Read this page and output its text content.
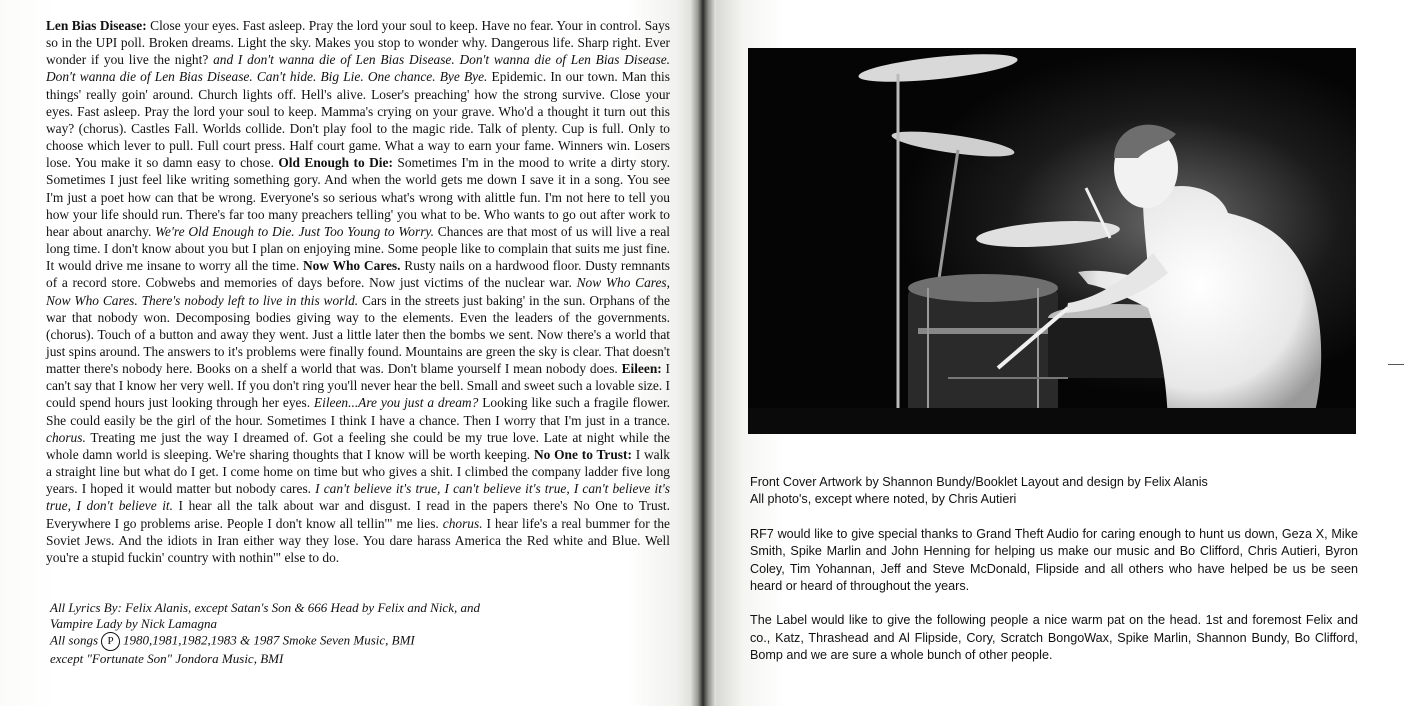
Len Bias Disease: Close your eyes. Fast asleep. Pray the lord your soul to keep. Have no fear. Your in control. Says so in the UPI poll. Broken dreams. Light the sky. Makes you stop to wonder why. Dangerous life. Sharp right. Ever wonder if you live the night? and I don't wanna die of Len Bias Disease. Don't wanna die of Len Bias Disease. Don't wanna die of Len Bias Disease. Can't hide. Big Lie. One chance. Bye Bye. Epidemic. In our town. Man this things' really goin' around. Church lights off. Hell's alive. Loser's preaching' how the strong survive. Close your eyes. Fast asleep. Pray the lord your soul to keep. Mamma's crying on your grave. Who'd a thought it turn out this way? (chorus). Castles Fall. Worlds collide. Don't play fool to the magic ride. Talk of plenty. Cup is full. Only to choose which lever to pull. Full court press. Half court game. What a way to earn your fame. Winners win. Losers lose. You make it so damn easy to chose. Old Enough to Die: Sometimes I'm in the mood to write a dirty story. Sometimes I just feel like writing something gory. And when the world gets me down I save it in a song. You see I'm just a poet how can that be wrong. Everyone's so serious what's wrong with alittle fun. I'm not here to tell you how your life should run. There's far too many preachers telling' you what to be. Who wants to go out after work to hear about anarchy. We're Old Enough to Die. Just Too Young to Worry. Chances are that most of us will live a real long time. I don't know about you but I plan on enjoying mine. Some people like to complain that suits me just fine. It would drive me insane to worry all the time. Now Who Cares. Rusty nails on a hardwood floor. Dusty remnants of a record store. Cobwebs and memories of days before. Now just victims of the nuclear war. Now Who Cares, Now Who Cares. There's nobody left to live in this world. Cars in the streets just baking' in the sun. Orphans of the war that nobody won. Decomposing bodies giving way to the elements. Even the leaders of the governments. (chorus). Touch of a button and away they went. Just a little later then the bombs we sent. Now there's a world that just spins around. The answers to it's problems were finally found. Mountains are green the sky is clear. That doesn't matter there's nobody here. Books on a shelf a world that was. Don't blame yourself I mean nobody does. Eileen: I can't say that I know her very well. If you don't ring you'll never hear the bell. Small and sweet such a lovable size. I could spend hours just looking through her eyes. Eileen...Are you just a dream? Looking like such a fragile flower. She could easily be the girl of the hour. Sometimes I think I have a chance. Then I worry that I'm just in a trance. chorus. Treating me just the way I dreamed of. Got a feeling she could be my true love. Late at night while the whole damn world is sleeping. We're sharing thoughts that I know will be worth keeping. No One to Trust: I walk a straight line but what do I get. I come home on time but who gives a shit. I climbed the company ladder five long years. I hoped it would matter but nobody cares. I can't believe it's true, I can't believe it's true, I can't believe it's true, I don't believe it. I hear all the talk about war and disgust. I read in the papers there's No One to Trust. Everywhere I go problems arise. People I don't know all tellin'" me lies. chorus. I hear life's a real bummer for the Soviet Jews. And the idiots in Iran either way they lose. You dare harass America the Red white and Blue. Well you're a stupid fuckin' country with nothin'" else to do.
All Lyrics By: Felix Alanis, except Satan's Son & 666 Head by Felix and Nick, and
Vampire Lady by Nick Lamagna
All songs P 1980,1981,1982,1983 & 1987 Smoke Seven Music, BMI
except "Fortunate Son" Jondora Music, BMI

Front Cover Artwork by Shannon Bundy/Booklet Layout and design by Felix Alanis
All photo's, except where noted, by Chris Autieri

RF7 would like to give special thanks to Grand Theft Audio for caring enough to hunt us down, Geza X, Mike Smith, Spike Marlin and John Henning for helping us make our music and Bo Clifford, Chris Autieri, Byron Coley, Tim Yohannan, Jeff and Steve McDonald, Flipside and all others who have helped be us be seen heard or heard of throughout the years.

The Label would like to give the following people a nice warm pat on the head. 1st and foremost Felix and co., Katz, Thrashead and Al Flipside, Cory, Scratch BongoWax, Spike Marlin, Shannon Bundy, Bo Clifford, Bomp and we are sure a whole bunch of other people.
